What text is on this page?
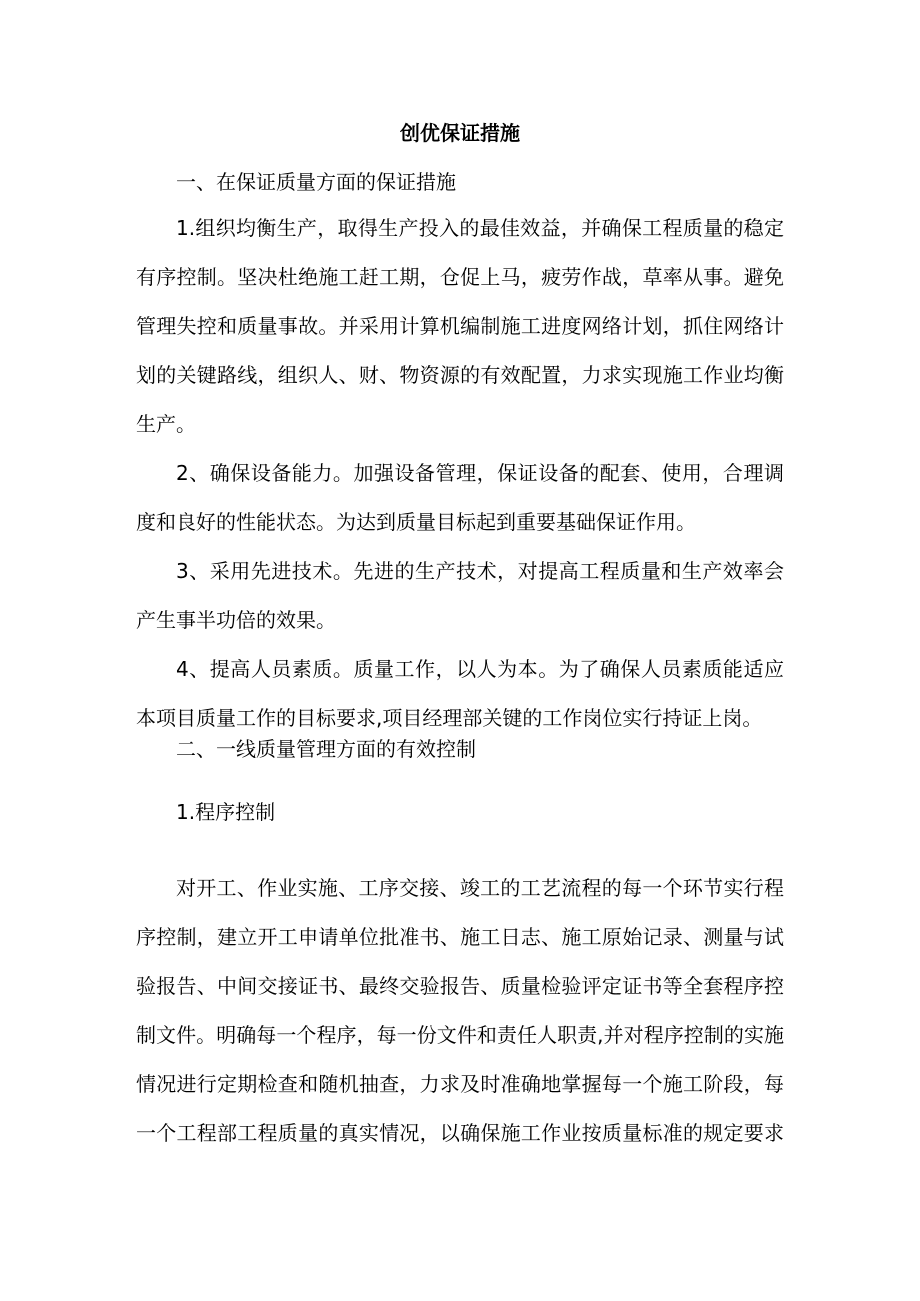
创优保证措施
一、在保证质量方面的保证措施
1.组织均衡生产，取得生产投入的最佳效益，并确保工程质量的稳定
有序控制。坚决杜绝施工赶工期，仓促上马，疲劳作战，草率从事。避免
管理失控和质量事故。并采用计算机编制施工进度网络计划，抓住网络计
划的关键路线，组织人、财、物资源的有效配置，力求实现施工作业均衡
生产。
2、确保设备能力。加强设备管理，保证设备的配套、使用，合理调
度和良好的性能状态。为达到质量目标起到重要基础保证作用。
3、采用先进技术。先进的生产技术，对提高工程质量和生产效率会
产生事半功倍的效果。
4、提高人员素质。质量工作，以人为本。为了确保人员素质能适应
本项目质量工作的目标要求,项目经理部关键的工作岗位实行持证上岗。
二、一线质量管理方面的有效控制
1.程序控制
对开工、作业实施、工序交接、竣工的工艺流程的每一个环节实行程
序控制，建立开工申请单位批准书、施工日志、施工原始记录、测量与试
验报告、中间交接证书、最终交验报告、质量检验评定证书等全套程序控
制文件。明确每一个程序，每一份文件和责任人职责,并对程序控制的实施
情况进行定期检查和随机抽查，力求及时准确地掌握每一个施工阶段，每
一个工程部工程质量的真实情况，以确保施工作业按质量标准的规定要求
